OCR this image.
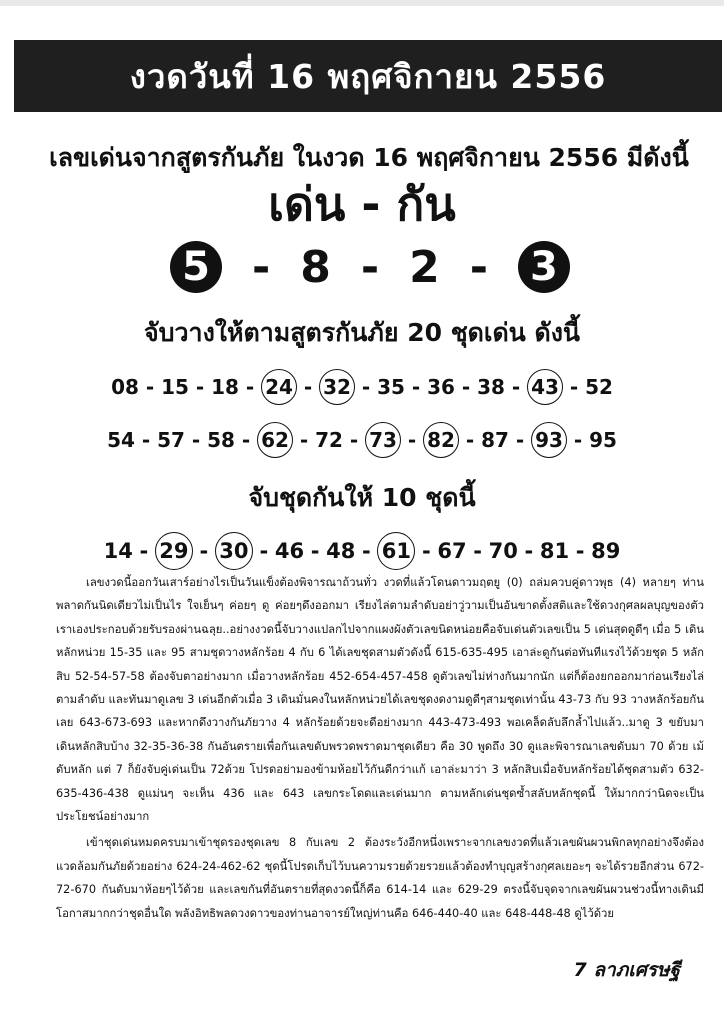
งวดวันที่ 16 พฤศจิกายน 2556
เลขเด่นจากสูตรกันภัย ในงวด 16 พฤศจิกายน 2556 มีดังนี้
เด่น - กัน
5 - 8 - 2 -	3
จับวางให้ตามสูตรกันภัย 20 ชุดเด่น ดังนี้
08 - 15 - 18 - 24 - 32 - 35 - 36 - 38 - 43 - 52
54 - 57 - 58 - 62 - 72 - 73 - 82 - 87 - 93 - 95
จับชุดกันให้ 10 ชุดนี้
14 - 29 - 30 - 46 - 48 - 61 - 67 - 70 - 81 - 89

เลขงวดนี้ออกวันเสาร์อย่างไรเป็นวันแข็งต้องพิจารณาถ้วนทั่ว งวดที่แล้วโดนดาวมฤตยู (0) ถล่มควบคู่ดาวพุธ (4) หลายๆ ท่านพลาดกันนิดเดียวไม่เป็นไร ใจเย็นๆ ค่อยๆ ดู ค่อยๆดึงออกมา เรียงไล่ตามลำดับอย่าวู่วามเป็นอันขาดตั้งสติและใช้ดวงกุศลผลบุญของตัวเราเองประกอบด้วยรับรองผ่านฉลุย..อย่างงวดนี้จับวางแปลกไปจากแผงผังตัวเลขนิดหน่อยคือจับเด่นตัวเลขเป็น 5 เด่นสุดดูดีๆ เมื่อ 5 เดินหลักหน่วย 15-35 และ 95 สามชุดวางหลักร้อย 4 กับ 6 ได้เลขชุดสามตัวดังนี้ 615-635-495 เอาล่ะดูกันต่อทันทีแรงไว้ด้วยชุด 5 หลักสิบ 52-54-57-58 ต้องจับตาอย่างมาก เมื่อวางหลักร้อย 452-654-457-458 ดูตัวเลขไม่ห่างกันมากนัก แต่ก็ต้องยกออกมาก่อนเรียงไล่ตามลำดับ และทันมาดูเลข 3 เด่นอีกตัวเมื่อ 3 เดินมั่นคงในหลักหน่วยได้เลขชุดงดงามดูดีๆสามชุดเท่านั้น 43-73 กับ 93 วางหลักร้อยกันเลย 643-673-693 และหากดึงวางกันภัยวาง 4 หลักร้อยด้วยจะดีอย่างมาก 443-473-493 พอเคล็ดลับลึกล้ำไปแล้ว..มาดู 3 ขยับมาเดินหลักสิบบ้าง 32-35-36-38 กันอันตรายเพื่อกันเลขดับพรวดพราดมาชุดเดียว คือ 30 พูดถึง 30 ดูและพิจารณาเลขดับมา 70 ด้วย เม้ดับหลัก แต่ 7 ก็ยังจับคู่เด่นเป็น 72ด้วย โปรดอย่ามองข้ามห้อยไว้กันดีกว่าแก้ เอาล่ะมาว่า 3 หลักสิบเมื่อจับหลักร้อยได้ชุดสามตัว 632-635-436-438 ดูแม่นๆ จะเห็น 436 และ 643 เลขกระโดดและเด่นมาก ตามหลักเด่นชุดซ้ำสลับหลักชุดนี้ ให้มากกว่านิดจะเป็นประโยชน์อย่างมาก

เข้าชุดเด่นหมดครบมาเข้าชุดรองชุดเลข 8 กับเลข 2 ต้องระวังอีกหนึ่งเพราะจากเลขงวดที่แล้วเลขผันผวนพิกลทุกอย่างจึงต้องแวดล้อมกันภัยด้วยอย่าง 624-24-462-62 ชุดนี้โปรดเก็บไว้บนความรวยด้วยรวยแล้วต้องทำบุญสร้างกุศลเยอะๆ จะได้รวยอีกส่วน 672-72-670 กันดับมาห้อยๆไว้ด้วย และเลขกันที่อันตรายที่สุดงวดนี้ก็คือ 614-14 และ 629-29 ตรงนี้จับจุดจากเลขผันผวนช่วงนี้ทางเดินมีโอกาสมากกว่าชุดอื่นใด พลังอิทธิพลดวงดาวของท่านอาจารย์ใหญ่ท่านคือ 646-440-40 และ 648-448-48 ดูไว้ด้วย

7 ลาภเศรษฐี
